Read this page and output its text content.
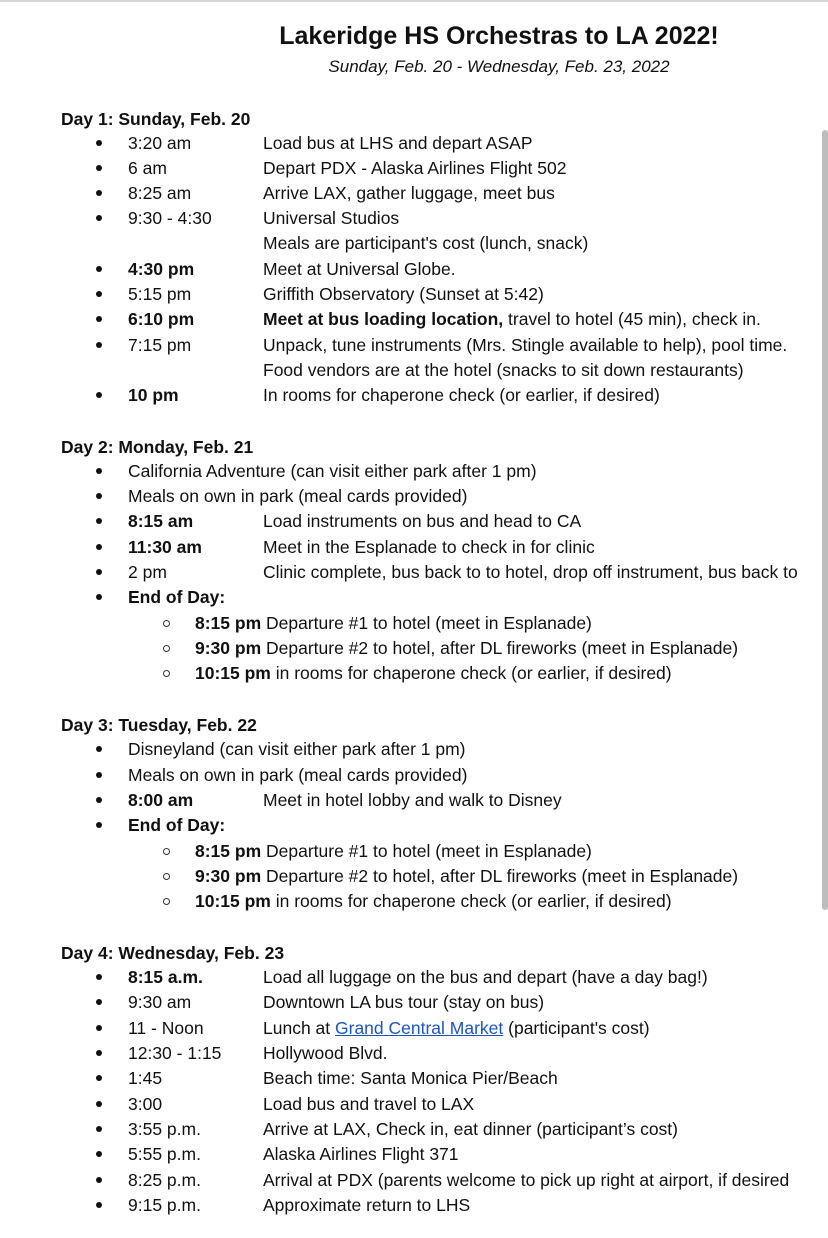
Lakeridge HS Orchestras to LA 2022!
Sunday, Feb. 20 - Wednesday, Feb. 23, 2022
Day 1: Sunday, Feb. 20
3:20 am	Load bus at LHS and depart ASAP
6 am	Depart PDX - Alaska Airlines Flight 502
8:25 am	Arrive LAX, gather luggage, meet bus
9:30 - 4:30	Universal Studios
Meals are participant's cost (lunch, snack)
4:30 pm	Meet at Universal Globe.
5:15 pm	Griffith Observatory (Sunset at 5:42)
6:10 pm	Meet at bus loading location, travel to hotel (45 min), check in.
7:15 pm	Unpack, tune instruments (Mrs. Stingle available to help), pool time.
Food vendors are at the hotel (snacks to sit down restaurants)
10 pm	In rooms for chaperone check (or earlier, if desired)
Day 2: Monday, Feb. 21
California Adventure (can visit either park after 1 pm)
Meals on own in park (meal cards provided)
8:15 am	Load instruments on bus and head to CA
11:30 am	Meet in the Esplanade to check in for clinic
2 pm	Clinic complete, bus back to to hotel, drop off instrument, bus back to
End of Day:
8:15 pm Departure #1 to hotel (meet in Esplanade)
9:30 pm Departure #2 to hotel, after DL fireworks (meet in Esplanade)
10:15 pm in rooms for chaperone check (or earlier, if desired)
Day 3: Tuesday, Feb. 22
Disneyland (can visit either park after 1 pm)
Meals on own in park (meal cards provided)
8:00 am	Meet in hotel lobby and walk to Disney
End of Day:
8:15 pm Departure #1 to hotel (meet in Esplanade)
9:30 pm Departure #2 to hotel, after DL fireworks (meet in Esplanade)
10:15 pm in rooms for chaperone check (or earlier, if desired)
Day 4: Wednesday, Feb. 23
8:15 a.m.	Load all luggage on the bus and depart (have a day bag!)
9:30 am	Downtown LA bus tour (stay on bus)
11 - Noon	Lunch at Grand Central Market (participant's cost)
12:30 - 1:15 Hollywood Blvd.
1:45	Beach time: Santa Monica Pier/Beach
3:00	Load bus and travel to LAX
3:55 p.m.	Arrive at LAX, Check in, eat dinner (participant’s cost)
5:55 p.m.	Alaska Airlines Flight 371
8:25 p.m.	Arrival at PDX (parents welcome to pick up right at airport, if desired
9:15 p.m.	Approximate return to LHS
